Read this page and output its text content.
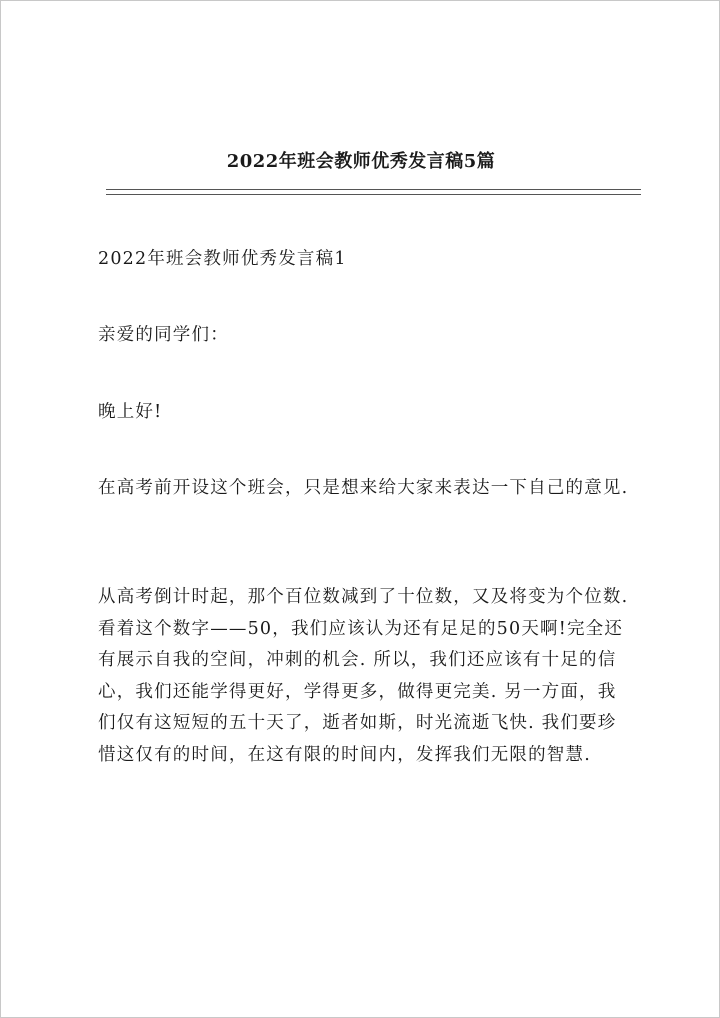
2022年班会教师优秀发言稿5篇

2022年班会教师优秀发言稿1

亲爱的同学们：

晚上好!

在高考前开设这个班会，只是想来给大家来表达一下自己的意见.

从高考倒计时起，那个百位数减到了十位数，又及将变为个位数. 看着这个数字——50，我们应该认为还有足足的50天啊!完全还有展示自我的空间，冲刺的机会. 所以，我们还应该有十足的信心，我们还能学得更好，学得更多，做得更完美. 另一方面，我们仅有这短短的五十天了，逝者如斯，时光流逝飞快. 我们要珍惜这仅有的时间，在这有限的时间内，发挥我们无限的智慧.
